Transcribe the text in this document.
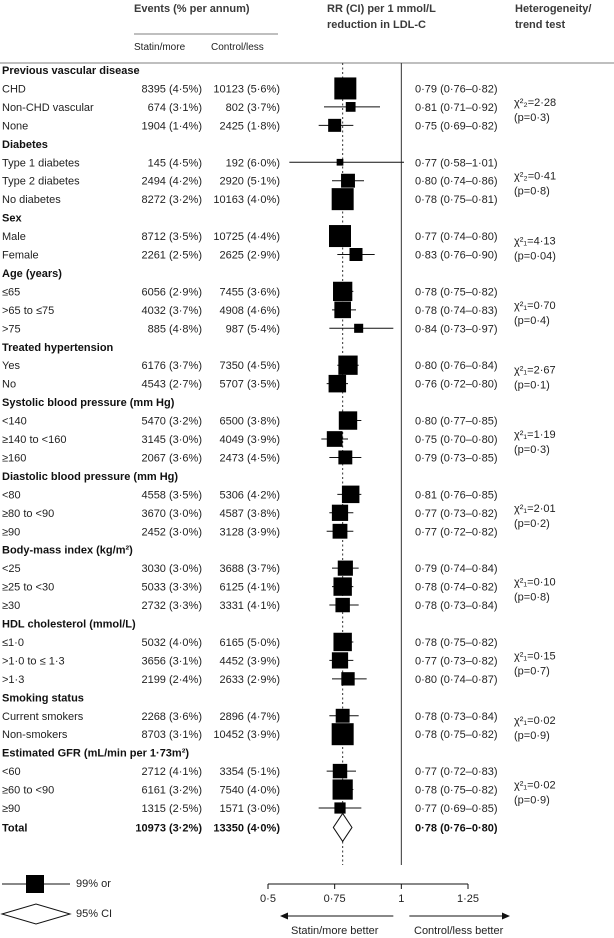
Events (% per annum)	RR (CI) per 1 mmol/L
reduction in LDL-C
Heterogeneity/
trend test
Statin/more	Control/less
Previous vascular disease
CHD	8395 (4·5%) 10123 (5·6%)	0·79 (0·76–0·82)
Non-CHD vascular	674 (3·1%) 802 (3·7%)	0·81 (0·71–0·92)
None	1904 (1·4%) 2425 (1·8%)	0·75 (0·69–0·82)
χ²₂=2·28
(p=0·3)
Diabetes
Type 1 diabetes	145 (4·5%) 192 (6·0%)	0·77 (0·58–1·01)
Type 2 diabetes	2494 (4·2%) 2920 (5·1%)	0·80 (0·74–0·86)
No diabetes	8272 (3·2%) 10163 (4·0%)	0·78 (0·75–0·81)
χ²₂=0·41
(p=0·8)
Sex
Male	8712 (3·5%) 10725 (4·4%)	0·77 (0·74–0·80)
Female	2261 (2·5%) 2625 (2·9%)	0·83 (0·76–0·90)
χ²₁=4·13
(p=0·04)
Age (years)
≤65	6056 (2·9%) 7455 (3·6%)	0·78 (0·75–0·82)
>65 to ≤75	4032 (3·7%) 4908 (4·6%)	0·78 (0·74–0·83)
>75	885 (4·8%) 987 (5·4%)	0·84 (0·73–0·97)
χ²₁=0·70
(p=0·4)
Treated hypertension
Yes	6176 (3·7%) 7350 (4·5%)	0·80 (0·76–0·84)
No	4543 (2·7%) 5707 (3·5%)	0·76 (0·72–0·80)
χ²₁=2·67
(p=0·1)
Systolic blood pressure (mm Hg)
<140	5470 (3·2%) 6500 (3·8%)	0·80 (0·77–0·85)
≥140 to <160	3145 (3·0%) 4049 (3·9%)	0·75 (0·70–0·80)
≥160	2067 (3·6%) 2473 (4·5%)	0·79 (0·73–0·85)
χ²₁=1·19
(p=0·3)
Diastolic blood pressure (mm Hg)
<80	4558 (3·5%) 5306 (4·2%)	0·81 (0·76–0·85)
≥80 to <90	3670 (3·0%) 4587 (3·8%)	0·77 (0·73–0·82)
≥90	2452 (3·0%) 3128 (3·9%)	0·77 (0·72–0·82)
χ²₁=2·01
(p=0·2)
Body-mass index (kg/m²)
<25	3030 (3·0%) 3688 (3·7%)	0·79 (0·74–0·84)
≥25 to <30	5033 (3·3%) 6125 (4·1%)	0·78 (0·74–0·82)
≥30	2732 (3·3%) 3331 (4·1%)	0·78 (0·73–0·84)
χ²₁=0·10
(p=0·8)
HDL cholesterol (mmol/L)
≤1·0	5032 (4·0%) 6165 (5·0%)	0·78 (0·75–0·82)
>1·0 to ≤ 1·3	3656 (3·1%) 4452 (3·9%)	0·77 (0·73–0·82)
>1·3	2199 (2·4%) 2633 (2·9%)	0·80 (0·74–0·87)
χ²₁=0·15
(p=0·7)
Smoking status
Current smokers	2268 (3·6%) 2896 (4·7%)	0·78 (0·73–0·84)
Non-smokers	8703 (3·1%) 10452 (3·9%)	0·78 (0·75–0·82)
χ²₁=0·02
(p=0·9)
Estimated GFR (mL/min per 1·73m²)
<60	2712 (4·1%) 3354 (5·1%)	0·77 (0·72–0·83)
≥60 to <90	6161 (3·2%) 7540 (4·0%)	0·78 (0·75–0·82)
≥90	1315 (2·5%) 1571 (3·0%)	0·77 (0·69–0·85)
χ²₁=0·02
(p=0·9)
Total	10973 (3·2%) 13350 (4·0%)	0·78 (0·76–0·80)
0·5	0·75	1	1·25
99% or
95% CI
Statin/more better	Control/less better
